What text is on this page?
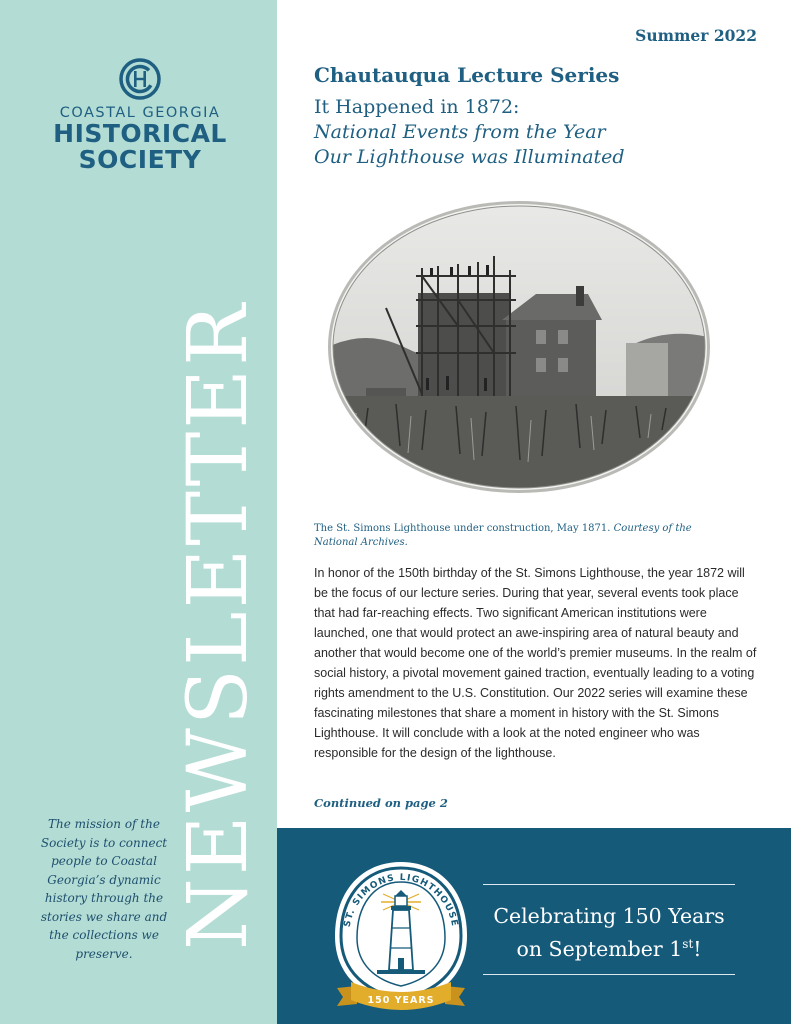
COASTAL GEORGIA
HISTORICAL
SOCIETY
NEWSLETTER
The mission of the Society is to connect people to Coastal Georgia’s dynamic history through the stories we share and the collections we preserve.
Summer 2022
Chautauqua Lecture Series
It Happened in 1872:
National Events from the Year
Our Lighthouse was Illuminated
The St. Simons Lighthouse under construction, May 1871. Courtesy of the National Archives.
In honor of the 150th birthday of the St. Simons Lighthouse, the year 1872 will be the focus of our lecture series. During that year, several events took place that had far-reaching effects. Two significant American institutions were launched, one that would protect an awe-inspiring area of natural beauty and another that would become one of the world’s premier museums. In the realm of social history, a pivotal movement gained traction, eventually leading to a voting rights amendment to the U.S. Constitution. Our 2022 series will examine these fascinating milestones that share a moment in history with the St. Simons Lighthouse. It will conclude with a look at the noted engineer who was responsible for the design of the lighthouse.
Continued on page 2
ST. SIMONS LIGHTHOUSE
150 YEARS
Celebrating 150 Years
on September 1st!
